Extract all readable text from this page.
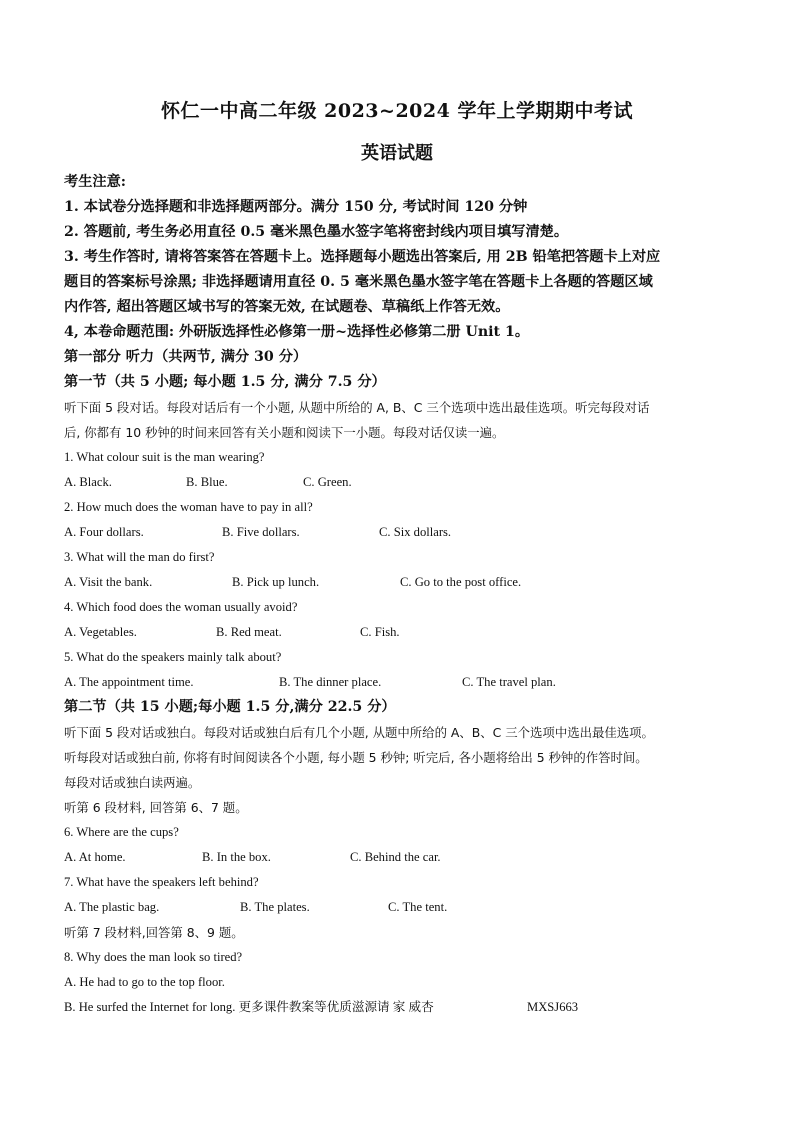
怀仁一中高二年级 2023~2024 学年上学期期中考试
英语试题
考生注意:
1. 本试卷分选择题和非选择题两部分。满分 150 分, 考试时间 120 分钟
2. 答题前, 考生务必用直径 0.5 毫米黑色墨水签字笔将密封线内项目填写清楚。
3. 考生作答时, 请将答案答在答题卡上。选择题每小题选出答案后, 用 2B 铅笔把答题卡上对应
题目的答案标号涂黑; 非选择题请用直径 0. 5 毫米黑色墨水签字笔在答题卡上各题的答题区域
内作答, 超出答题区域书写的答案无效, 在试题卷、草稿纸上作答无效。
4, 本卷命题范围: 外研版选择性必修第一册~选择性必修第二册 Unit 1。
第一部分 听力（共两节, 满分 30 分）
第一节（共 5 小题; 每小题 1.5 分, 满分 7.5 分）
听下面 5 段对话。每段对话后有一个小题, 从题中所给的 A, B、C 三个选项中选出最佳选项。听完每段对话
后, 你都有 10 秒钟的时间来回答有关小题和阅读下一小题。每段对话仅读一遍。
1. What colour suit is the man wearing?
A. Black.	B. Blue.	C. Green.
2. How much does the woman have to pay in all?
A. Four dollars.	B. Five dollars.	C. Six dollars.
3. What will the man do first?
A. Visit the bank.	B. Pick up lunch.	C. Go to the post office.
4. Which food does the woman usually avoid?
A. Vegetables.	B. Red meat.	C. Fish.
5. What do the speakers mainly talk about?
A. The appointment time.	B. The dinner place.	C. The travel plan.
第二节（共 15 小题;每小题 1.5 分,满分 22.5 分）
听下面 5 段对话或独白。每段对话或独白后有几个小题, 从题中所给的 A、B、C 三个选项中选出最佳选项。
听每段对话或独白前, 你将有时间阅读各个小题, 每小题 5 秒钟; 听完后, 各小题将给出 5 秒钟的作答时间。
每段对话或独白读两遍。
听第 6 段材料, 回答第 6、7 题。
6. Where are the cups?
A. At home.	B. In the box.	C. Behind the car.
7. What have the speakers left behind?
A. The plastic bag.	B. The plates.	C. The tent.
听第 7 段材料,回答第 8、9 题。
8. Why does the man look so tired?
A. He had to go to the top floor.
B. He surfed the Internet for long. 更多课件教案等优质滋源请 家 威杏	MXSJ663
